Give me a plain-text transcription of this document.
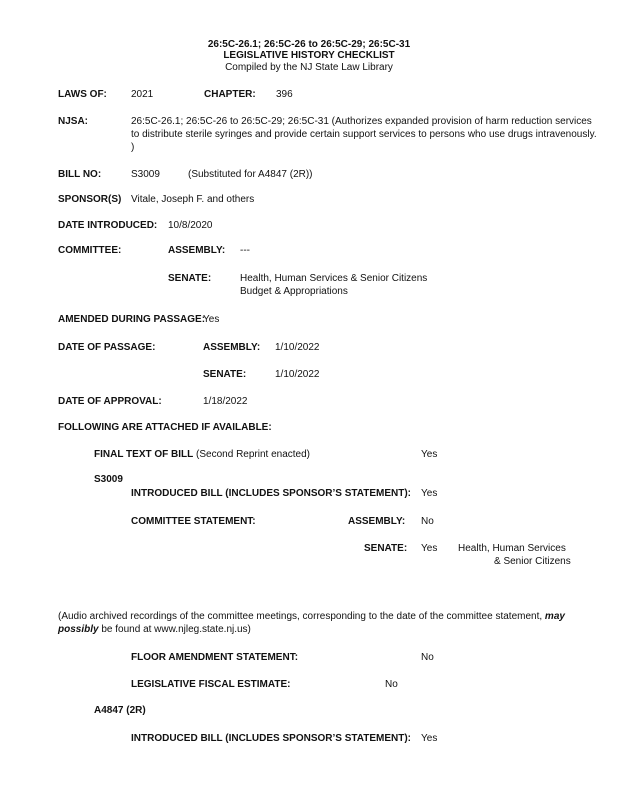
26:5C-26.1; 26:5C-26 to 26:5C-29; 26:5C-31
LEGISLATIVE HISTORY CHECKLIST
Compiled by the NJ State Law Library
LAWS OF: 2021	CHAPTER: 396
NJSA:	26:5C-26.1; 26:5C-26 to 26:5C-29; 26:5C-31 (Authorizes expanded provision of harm reduction services to distribute sterile syringes and provide certain support services to persons who use drugs intravenously. )
BILL NO:	S3009	(Substituted for A4847 (2R))
SPONSOR(S) Vitale, Joseph F. and others
DATE INTRODUCED: 10/8/2020
COMMITTEE:	ASSEMBLY: ---
SENATE:	Health, Human Services & Senior Citizens
Budget & Appropriations
AMENDED DURING PASSAGE:
Yes
DATE OF PASSAGE:	ASSEMBLY: 1/10/2022
SENATE:	1/10/2022
DATE OF APPROVAL:	1/18/2022
FOLLOWING ARE ATTACHED IF AVAILABLE:
FINAL TEXT OF BILL (Second Reprint enacted)	Yes
S3009
INTRODUCED BILL (INCLUDES SPONSOR’S STATEMENT): Yes
COMMITTEE STATEMENT:	ASSEMBLY: No
SENATE: Yes Health, Human Services
& Senior Citizens
(Audio archived recordings of the committee meetings, corresponding to the date of the committee statement, may possibly be found at www.njleg.state.nj.us)
FLOOR AMENDMENT STATEMENT:	No
LEGISLATIVE FISCAL ESTIMATE:	No
A4847 (2R)
INTRODUCED BILL (INCLUDES SPONSOR’S STATEMENT): Yes
